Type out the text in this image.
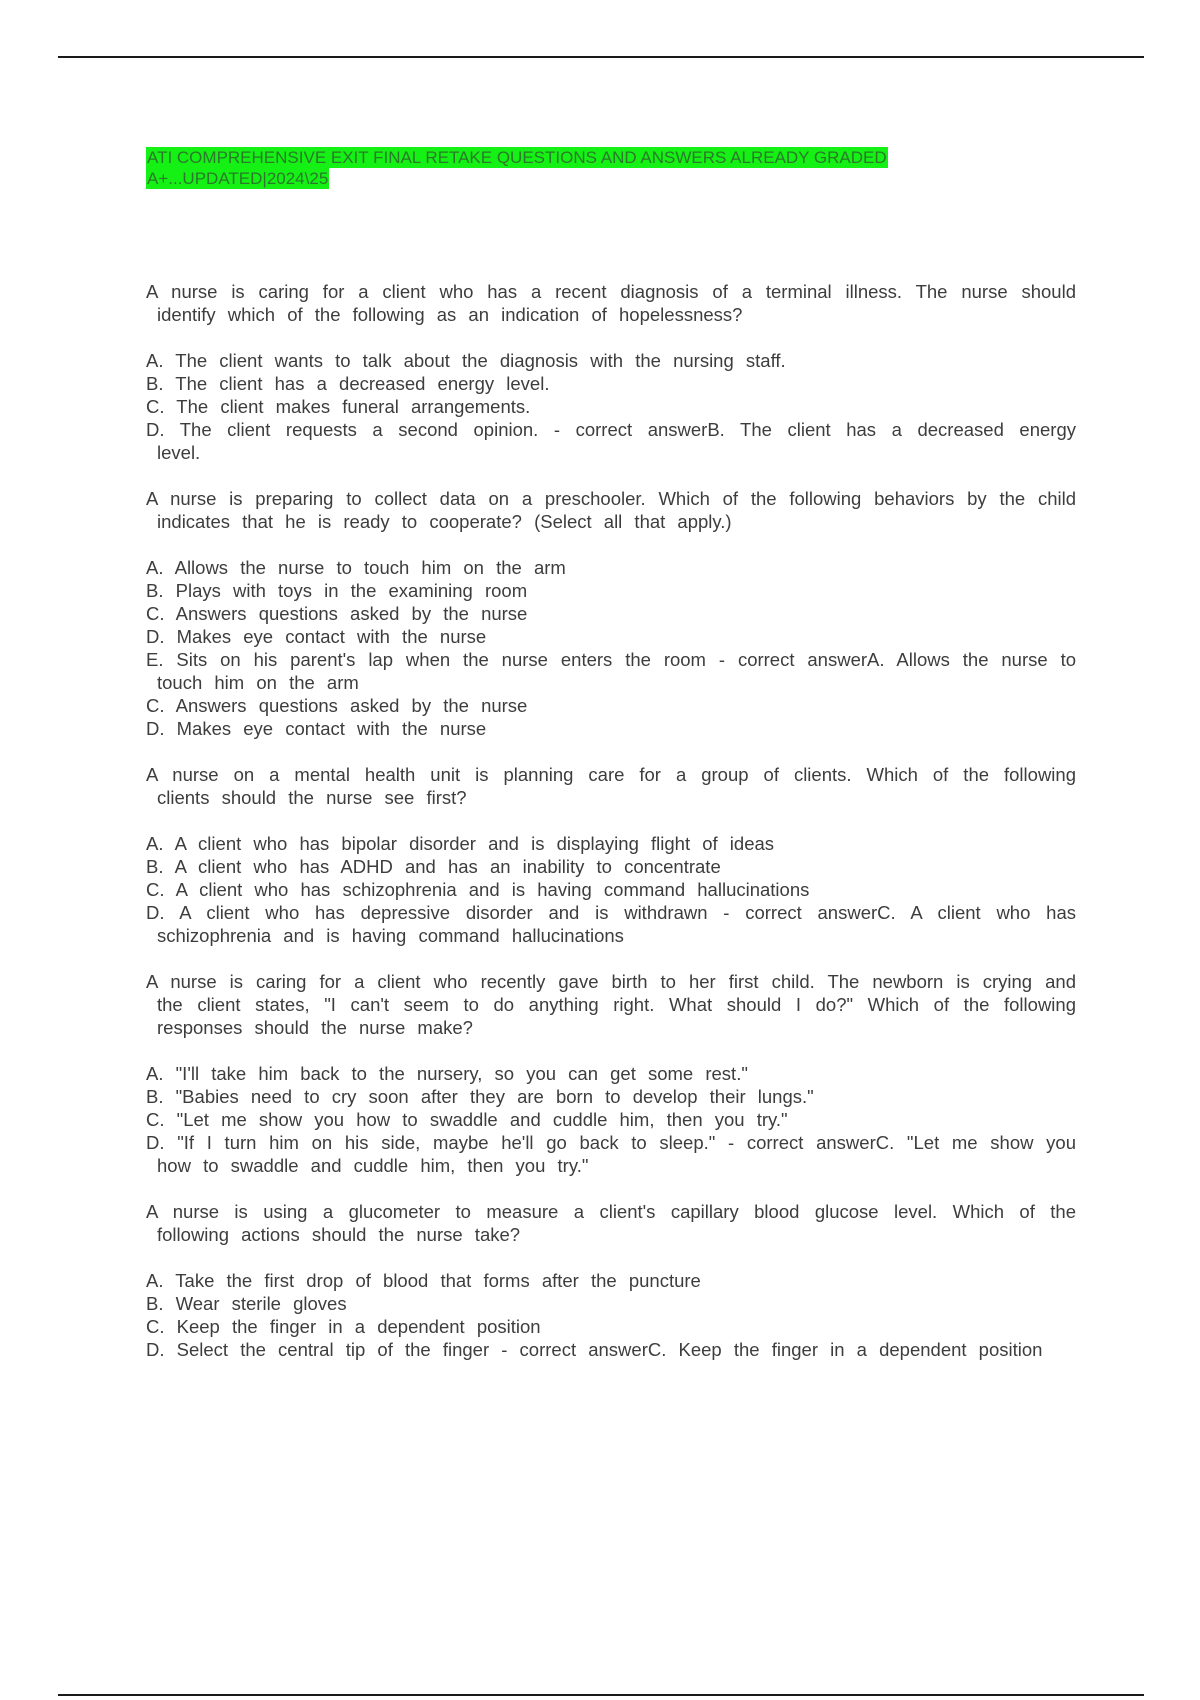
ATI COMPREHENSIVE EXIT FINAL RETAKE QUESTIONS AND ANSWERS ALREADY GRADED
A+...UPDATED|2024\25
A nurse is caring for a client who has a recent diagnosis of a terminal illness. The nurse should identify which of the following as an indication of hopelessness?
A. The client wants to talk about the diagnosis with the nursing staff.
B. The client has a decreased energy level.
C. The client makes funeral arrangements.
D. The client requests a second opinion. - correct answerB. The client has a decreased energy level.
A nurse is preparing to collect data on a preschooler. Which of the following behaviors by the child indicates that he is ready to cooperate? (Select all that apply.)
A. Allows the nurse to touch him on the arm
B. Plays with toys in the examining room
C. Answers questions asked by the nurse
D. Makes eye contact with the nurse
E. Sits on his parent's lap when the nurse enters the room - correct answerA. Allows the nurse to touch him on the arm
C. Answers questions asked by the nurse
D. Makes eye contact with the nurse
A nurse on a mental health unit is planning care for a group of clients. Which of the following clients should the nurse see first?
A. A client who has bipolar disorder and is displaying flight of ideas
B. A client who has ADHD and has an inability to concentrate
C. A client who has schizophrenia and is having command hallucinations
D. A client who has depressive disorder and is withdrawn - correct answerC. A client who has schizophrenia and is having command hallucinations
A nurse is caring for a client who recently gave birth to her first child. The newborn is crying and the client states, "I can't seem to do anything right. What should I do?" Which of the following responses should the nurse make?
A. "I'll take him back to the nursery, so you can get some rest."
B. "Babies need to cry soon after they are born to develop their lungs."
C. "Let me show you how to swaddle and cuddle him, then you try."
D. "If I turn him on his side, maybe he'll go back to sleep." - correct answerC. "Let me show you how to swaddle and cuddle him, then you try."
A nurse is using a glucometer to measure a client's capillary blood glucose level. Which of the following actions should the nurse take?
A. Take the first drop of blood that forms after the puncture
B. Wear sterile gloves
C. Keep the finger in a dependent position
D. Select the central tip of the finger - correct answerC. Keep the finger in a dependent position
